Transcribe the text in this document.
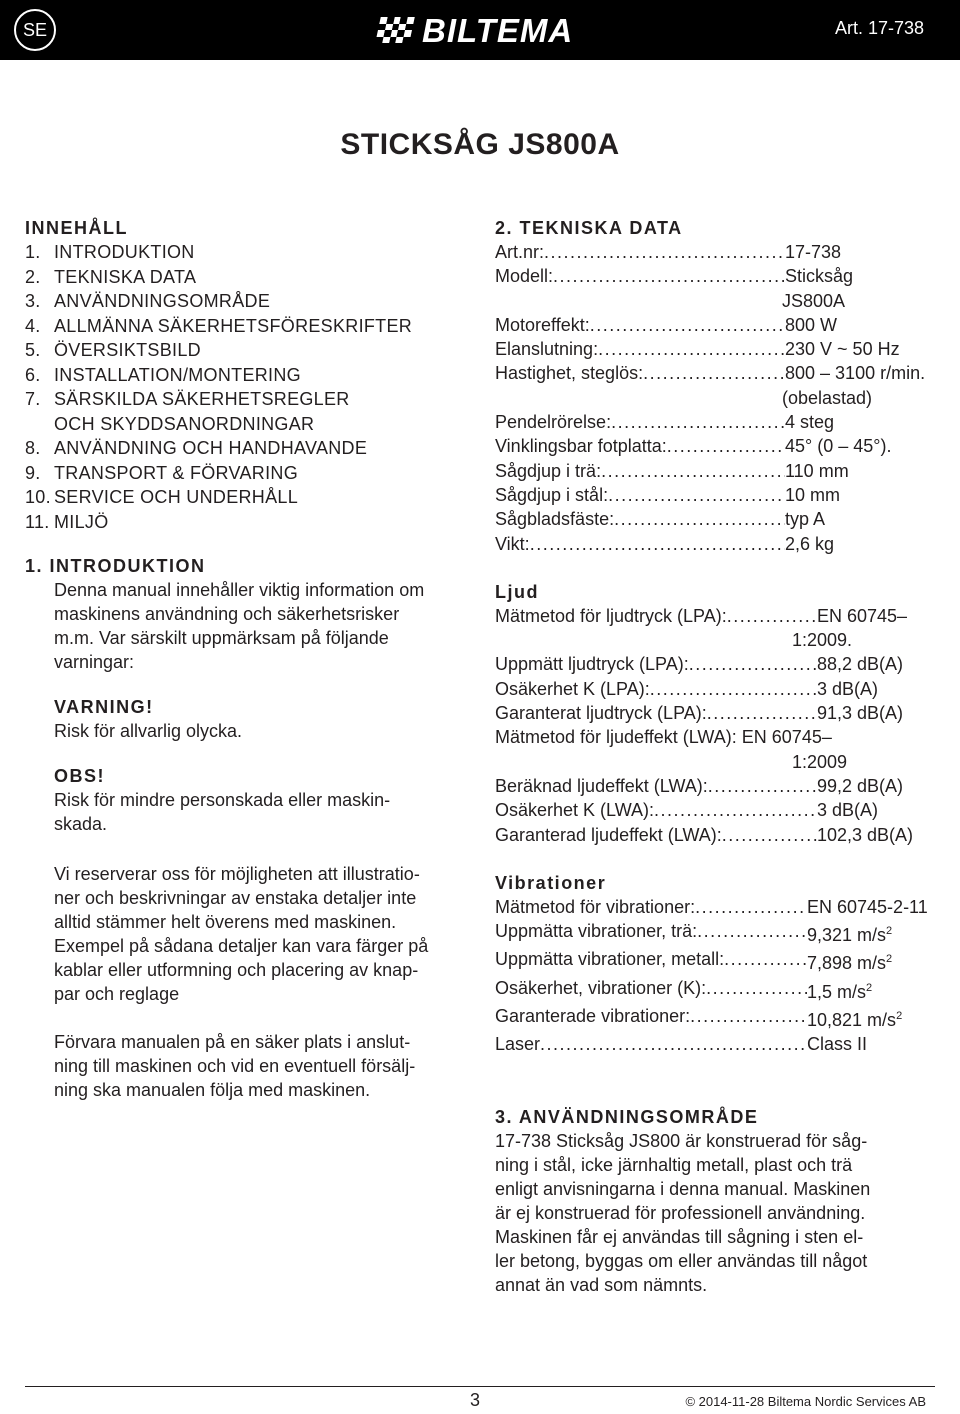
SE	BILTEMA	Art. 17-738
STICKSÅG JS800A
INNEHÅLL
1. INTRODUKTION
2. TEKNISKA DATA
3. ANVÄNDNINGSOMRÅDE
4. ALLMÄNNA SÄKERHETSFÖRESKRIFTER
5. ÖVERSIKTSBILD
6. INSTALLATION/MONTERING
7. SÄRSKILDA SÄKERHETSREGLER
OCH SKYDDSANORDNINGAR
8. ANVÄNDNING OCH HANDHAVANDE
9. TRANSPORT & FÖRVARING
10. SERVICE OCH UNDERHÅLL
11. MILJÖ
1. INTRODUKTION
Denna manual innehåller viktig information om
maskinens användning och säkerhetsrisker
m.m. Var särskilt uppmärksam på följande
varningar:
VARNING!
Risk för allvarlig olycka.
OBS!
Risk för mindre personskada eller maskin-
skada.
Vi reserverar oss för möjligheten att illustratio-
ner och beskrivningar av enstaka detaljer inte
alltid stämmer helt överens med maskinen.
Exempel på sådana detaljer kan vara färger på
kablar eller utformning och placering av knap-
par och reglage
Förvara manualen på en säker plats i anslut-
ning till maskinen och vid en eventuell försälj-
ning ska manualen följa med maskinen.
2. TEKNISKA DATA
Art.nr: .....	17-738
Modell: .....	Sticksåg
JS800A
Motoreffekt: .....	800 W
Elanslutning: .....	230 V ~ 50 Hz
Hastighet, steglös: .....	800 – 3100 r/min.
(obelastad)
Pendelrörelse: .....	4 steg
Vinklingsbar fotplatta: .....	45° (0 – 45°).
Sågdjup i trä: .....	110 mm
Sågdjup i stål: .....	10 mm
Sågbladsfäste: .....	typ A
Vikt: .....	2,6 kg
Ljud
Mätmetod för ljudtryck (LPA): .....	EN 60745–
1:2009.
Uppmätt ljudtryck (LPA): .....	88,2 dB(A)
Osäkerhet K (LPA): .....	3 dB(A)
Garanterat ljudtryck (LPA): .....	91,3 dB(A)
Mätmetod för ljudeffekt (LWA):
EN 60745–
1:2009
Beräknad ljudeffekt (LWA): .....	99,2 dB(A)
Osäkerhet K (LWA): .....	3 dB(A)
Garanterad ljudeffekt (LWA): .....	102,3 dB(A)
Vibrationer
Mätmetod för vibrationer: .....	EN 60745-2-11
Uppmätta vibrationer, trä: .....	9,321 $m/s^2$
Uppmätta vibrationer, metall: .....	7,898 $m/s^2$
Osäkerhet, vibrationer (K): .....	1,5 $m/s^2$
Garanterade vibrationer: .....	10,821 $m/s^2$
Laser .....	Class II
3. ANVÄNDNINGSOMRÅDE
17-738 Sticksåg JS800 är konstruerad för såg-
ning i stål, icke järnhaltig metall, plast och trä
enligt anvisningarna i denna manual. Maskinen
är ej konstruerad för professionell användning.
Maskinen får ej användas till sågning i sten el-
ler betong, byggas om eller användas till något
annat än vad som nämnts.
3	© 2014-11-28 Biltema Nordic Services AB
